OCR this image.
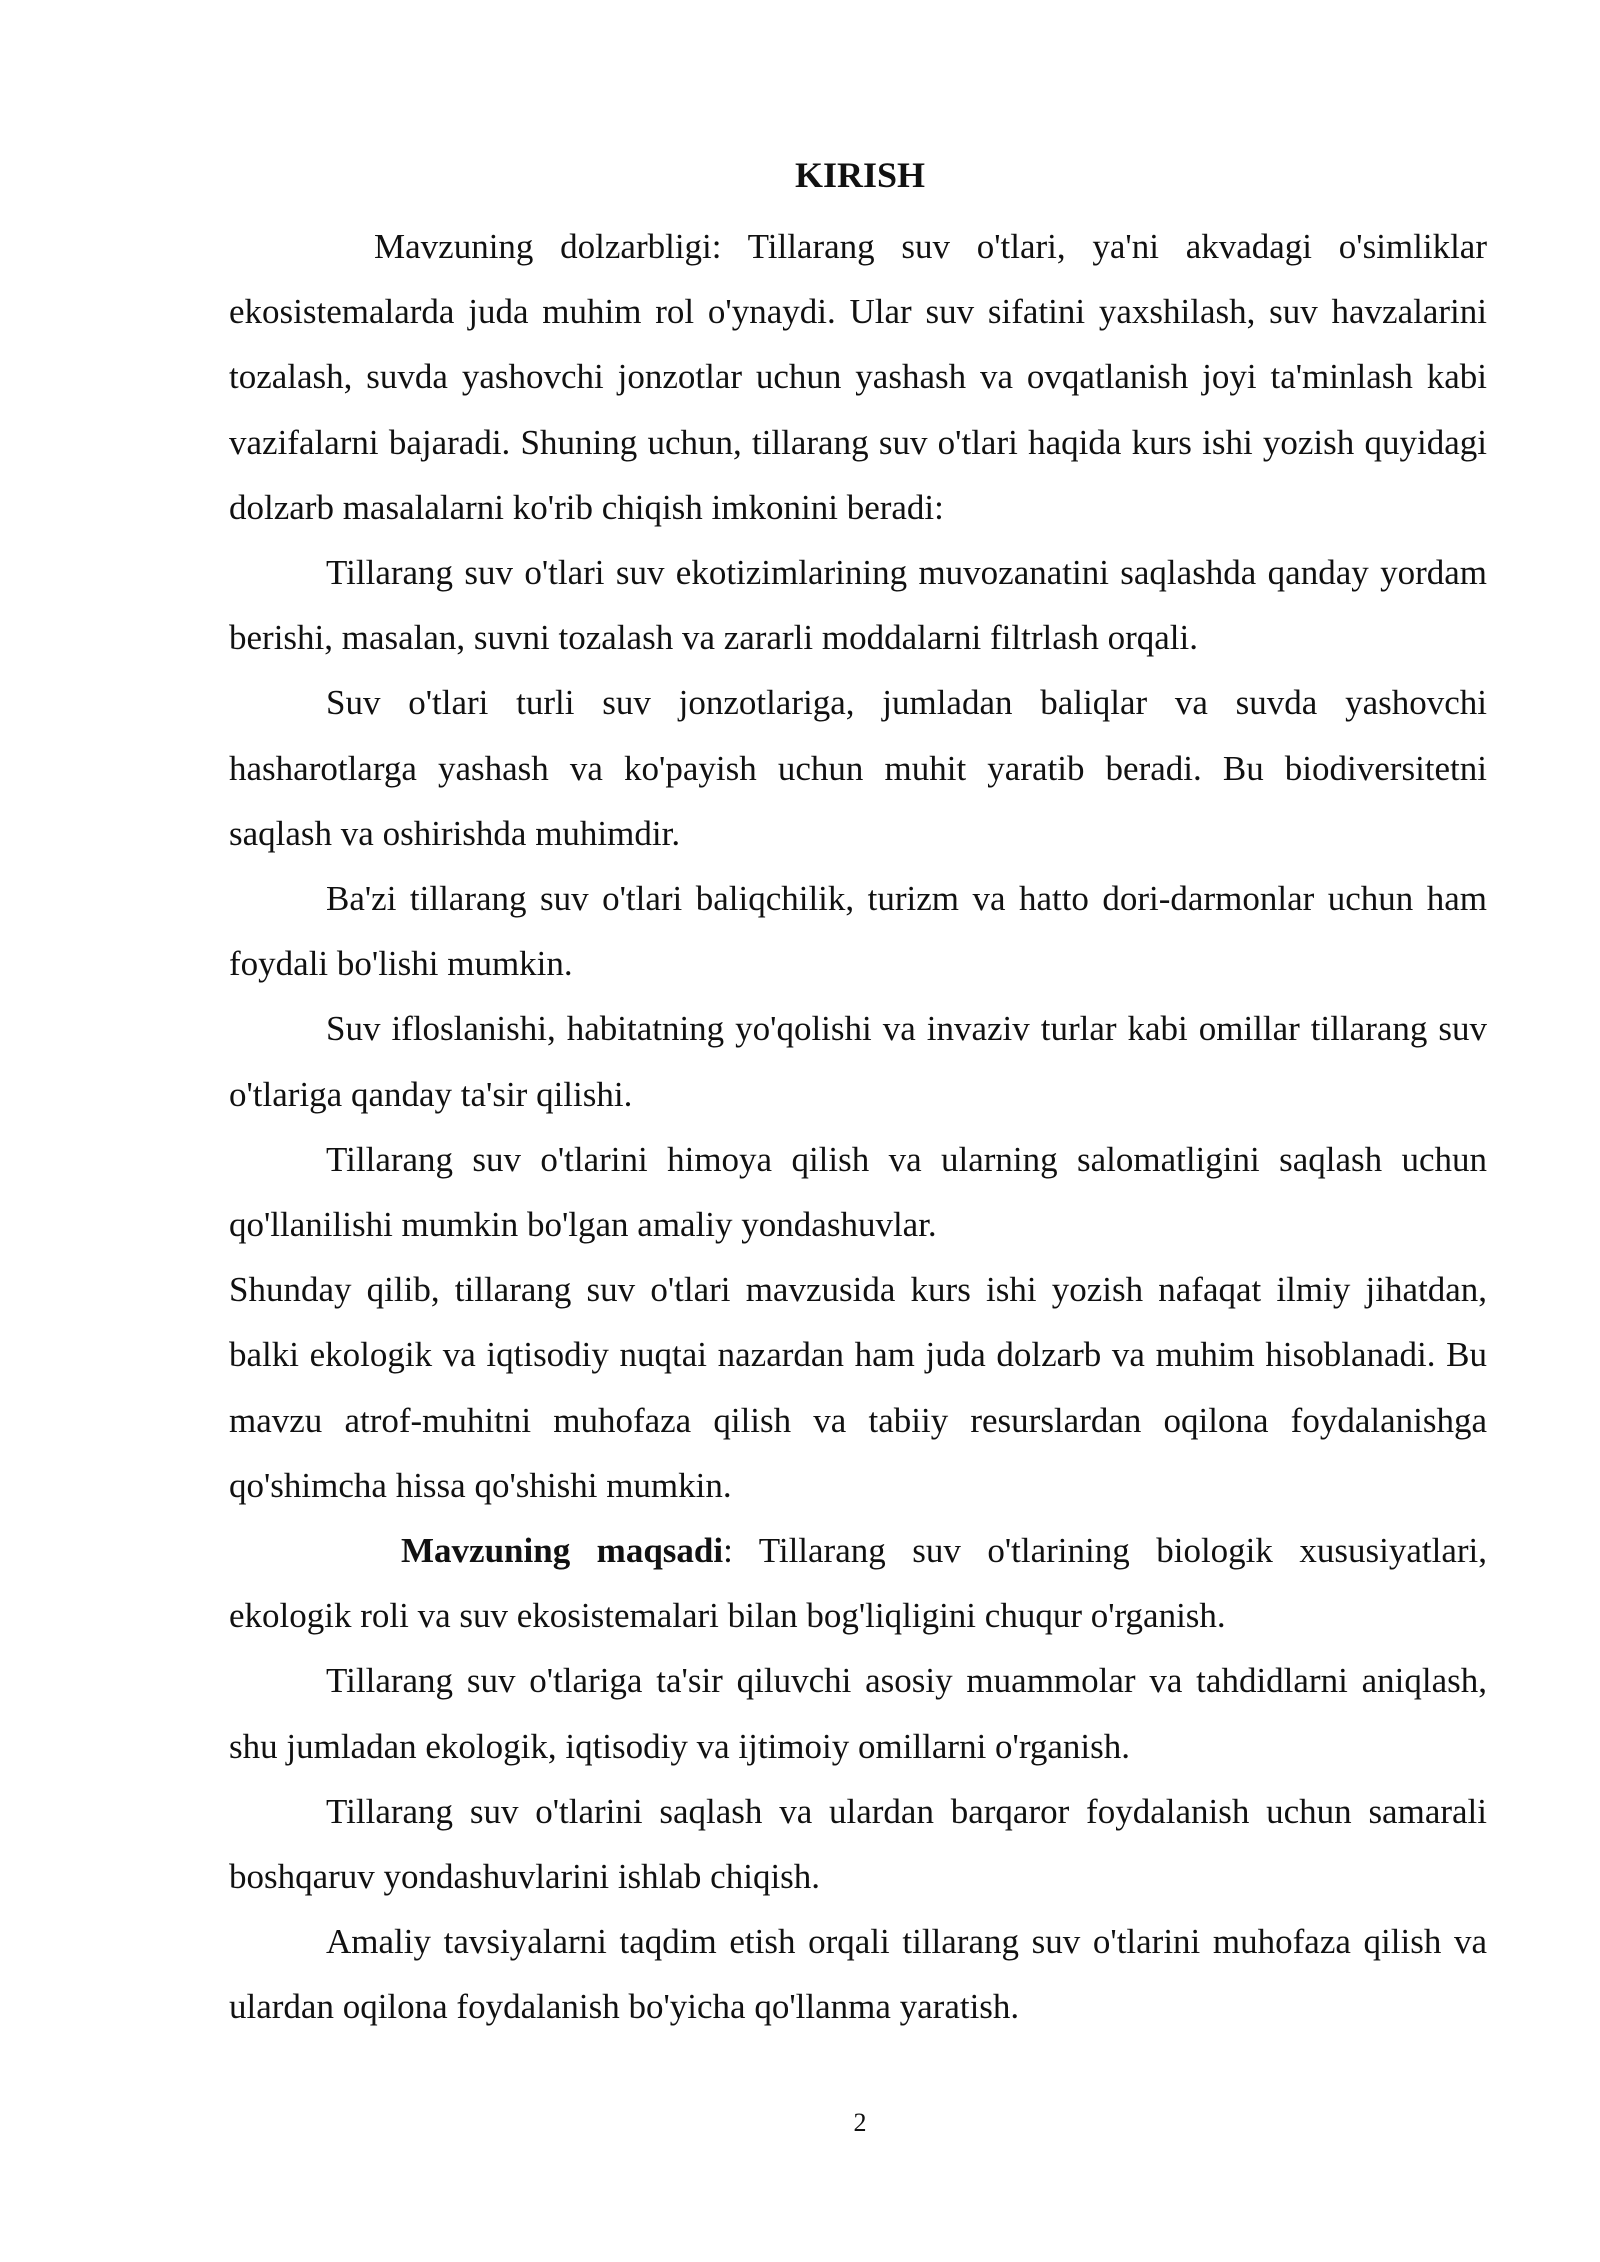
KIRISH

Mavzuning dolzarbligi: Tillarang suv o'tlari, ya'ni akvadagi o'simliklar ekosistemalarda juda muhim rol o'ynaydi. Ular suv sifatini yaxshilash, suv havzalarini tozalash, suvda yashovchi jonzotlar uchun yashash va ovqatlanish joyi ta'minlash kabi vazifalarni bajaradi. Shuning uchun, tillarang suv o'tlari haqida kurs ishi yozish quyidagi dolzarb masalalarni ko'rib chiqish imkonini beradi:

Tillarang suv o'tlari suv ekotizimlarining muvozanatini saqlashda qanday yordam berishi, masalan, suvni tozalash va zararli moddalarni filtrlash orqali.

Suv o'tlari turli suv jonzotlariga, jumladan baliqlar va suvda yashovchi hasharotlarga yashash va ko'payish uchun muhit yaratib beradi. Bu biodiversitetni saqlash va oshirishda muhimdir.

Ba'zi tillarang suv o'tlari baliqchilik, turizm va hatto dori-darmonlar uchun ham foydali bo'lishi mumkin.

Suv ifloslanishi, habitatning yo'qolishi va invaziv turlar kabi omillar tillarang suv o'tlariga qanday ta'sir qilishi.

Tillarang suv o'tlarini himoya qilish va ularning salomatligini saqlash uchun qo'llanilishi mumkin bo'lgan amaliy yondashuvlar.

Shunday qilib, tillarang suv o'tlari mavzusida kurs ishi yozish nafaqat ilmiy jihatdan, balki ekologik va iqtisodiy nuqtai nazardan ham juda dolzarb va muhim hisoblanadi. Bu mavzu atrof-muhitni muhofaza qilish va tabiiy resurslardan oqilona foydalanishga qo'shimcha hissa qo'shishi mumkin.

Mavzuning maqsadi: Tillarang suv o'tlarining biologik xususiyatlari, ekologik roli va suv ekosistemalari bilan bog'liqligini chuqur o'rganish.

Tillarang suv o'tlariga ta'sir qiluvchi asosiy muammolar va tahdidlarni aniqlash, shu jumladan ekologik, iqtisodiy va ijtimoiy omillarni o'rganish.

Tillarang suv o'tlarini saqlash va ulardan barqaror foydalanish uchun samarali boshqaruv yondashuvlarini ishlab chiqish.

Amaliy tavsiyalarni taqdim etish orqali tillarang suv o'tlarini muhofaza qilish va ulardan oqilona foydalanish bo'yicha qo'llanma yaratish.

2
